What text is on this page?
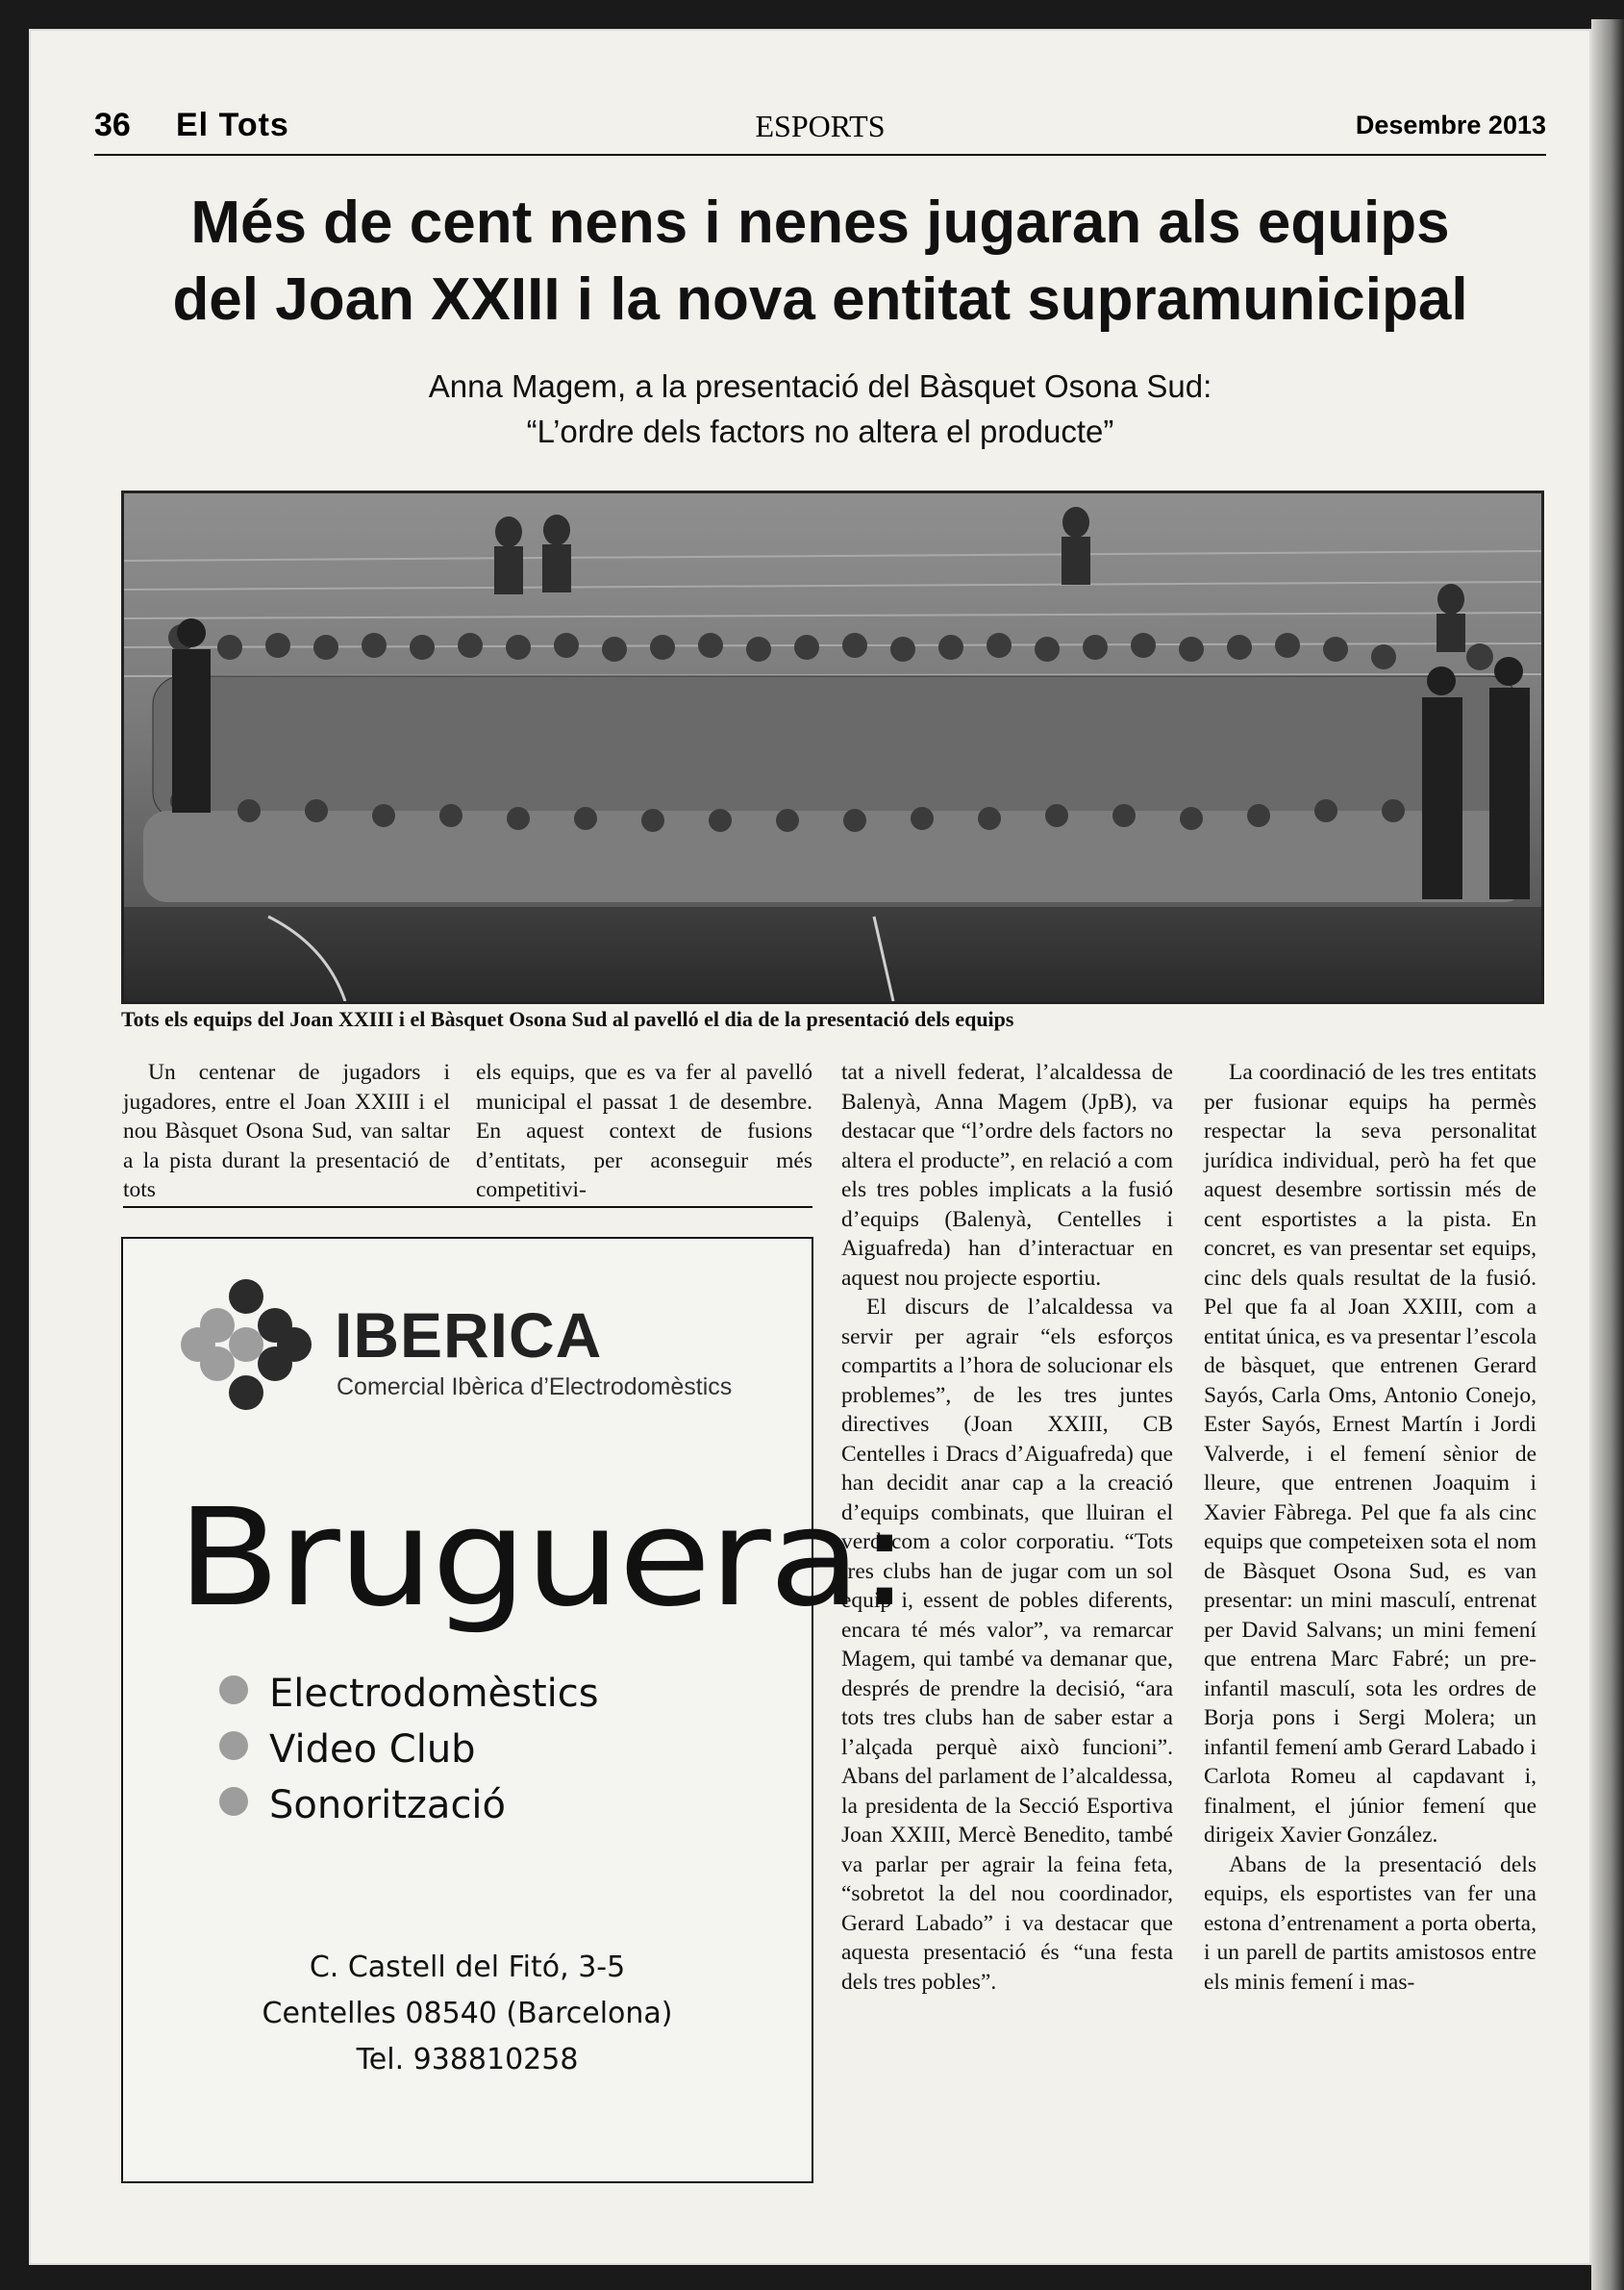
36 El Tots	ESPORTS	Desembre 2013
Més de cent nens i nenes jugaran als equips
del Joan XXIII i la nova entitat supramunicipal
Anna Magem, a la presentació del Bàsquet Osona Sud:
“L’ordre dels factors no altera el producte”
Tots els equips del Joan XXIII i el Bàsquet Osona Sud al pavelló el dia de la presentació dels equips

Un centenar de jugadors i jugadores, entre el Joan XXIII i el nou Bàsquet Osona Sud, van saltar a la pista durant la presentació de tots

els equips, que es va fer al pavelló municipal el passat 1 de desembre. En aquest context de fusions d’entitats, per aconseguir més competitivi-

tat a nivell federat, l’alcaldessa de Balenyà, Anna Magem (JpB), va destacar que “l’ordre dels factors no altera el producte”, en relació a com els tres pobles implicats a la fusió d’equips (Balenyà, Centelles i Aiguafreda) han d’interactuar en aquest nou projecte esportiu.

El discurs de l’alcaldessa va servir per agrair “els esforços compartits a l’hora de solucionar els problemes”, de les tres juntes directives (Joan XXIII, CB Centelles i Dracs d’Aiguafreda) que han decidit anar cap a la creació d’equips combinats, que lluiran el verd com a color corporatiu. “Tots tres clubs han de jugar com un sol equip i, essent de pobles diferents, encara té més valor”, va remarcar Magem, qui també va demanar que, després de prendre la decisió, “ara tots tres clubs han de saber estar a l’alçada perquè això funcioni”. Abans del parlament de l’alcaldessa, la presidenta de la Secció Esportiva Joan XXIII, Mercè Benedito, també va parlar per agrair la feina feta, “sobretot la del nou coordinador, Gerard Labado” i va destacar que aquesta presentació és “una festa dels tres pobles”.

La coordinació de les tres entitats per fusionar equips ha permès respectar la seva personalitat jurídica individual, però ha fet que aquest desembre sortissin més de cent esportistes a la pista. En concret, es van presentar set equips, cinc dels quals resultat de la fusió. Pel que fa al Joan XXIII, com a entitat única, es va presentar l’escola de bàsquet, que entrenen Gerard Sayós, Carla Oms, Antonio Conejo, Ester Sayós, Ernest Martín i Jordi Valverde, i el femení sènior de lleure, que entrenen Joaquim i Xavier Fàbrega. Pel que fa als cinc equips que competeixen sota el nom de Bàsquet Osona Sud, es van presentar: un mini masculí, entrenat per David Salvans; un mini femení que entrena Marc Fabré; un pre-infantil masculí, sota les ordres de Borja pons i Sergi Molera; un infantil femení amb Gerard Labado i Carlota Romeu al capdavant i, finalment, el júnior femení que dirigeix Xavier González.

Abans de la presentació dels equips, els esportistes van fer una estona d’entrenament a porta oberta, i un parell de partits amistosos entre els minis femení i mas-

IBERICA
Comercial Ibèrica d’Electrodomèstics
Bruguera:
Electrodomèstics
Video Club
Sonorització
C. Castell del Fitó, 3-5
Centelles 08540 (Barcelona)
Tel. 938810258
